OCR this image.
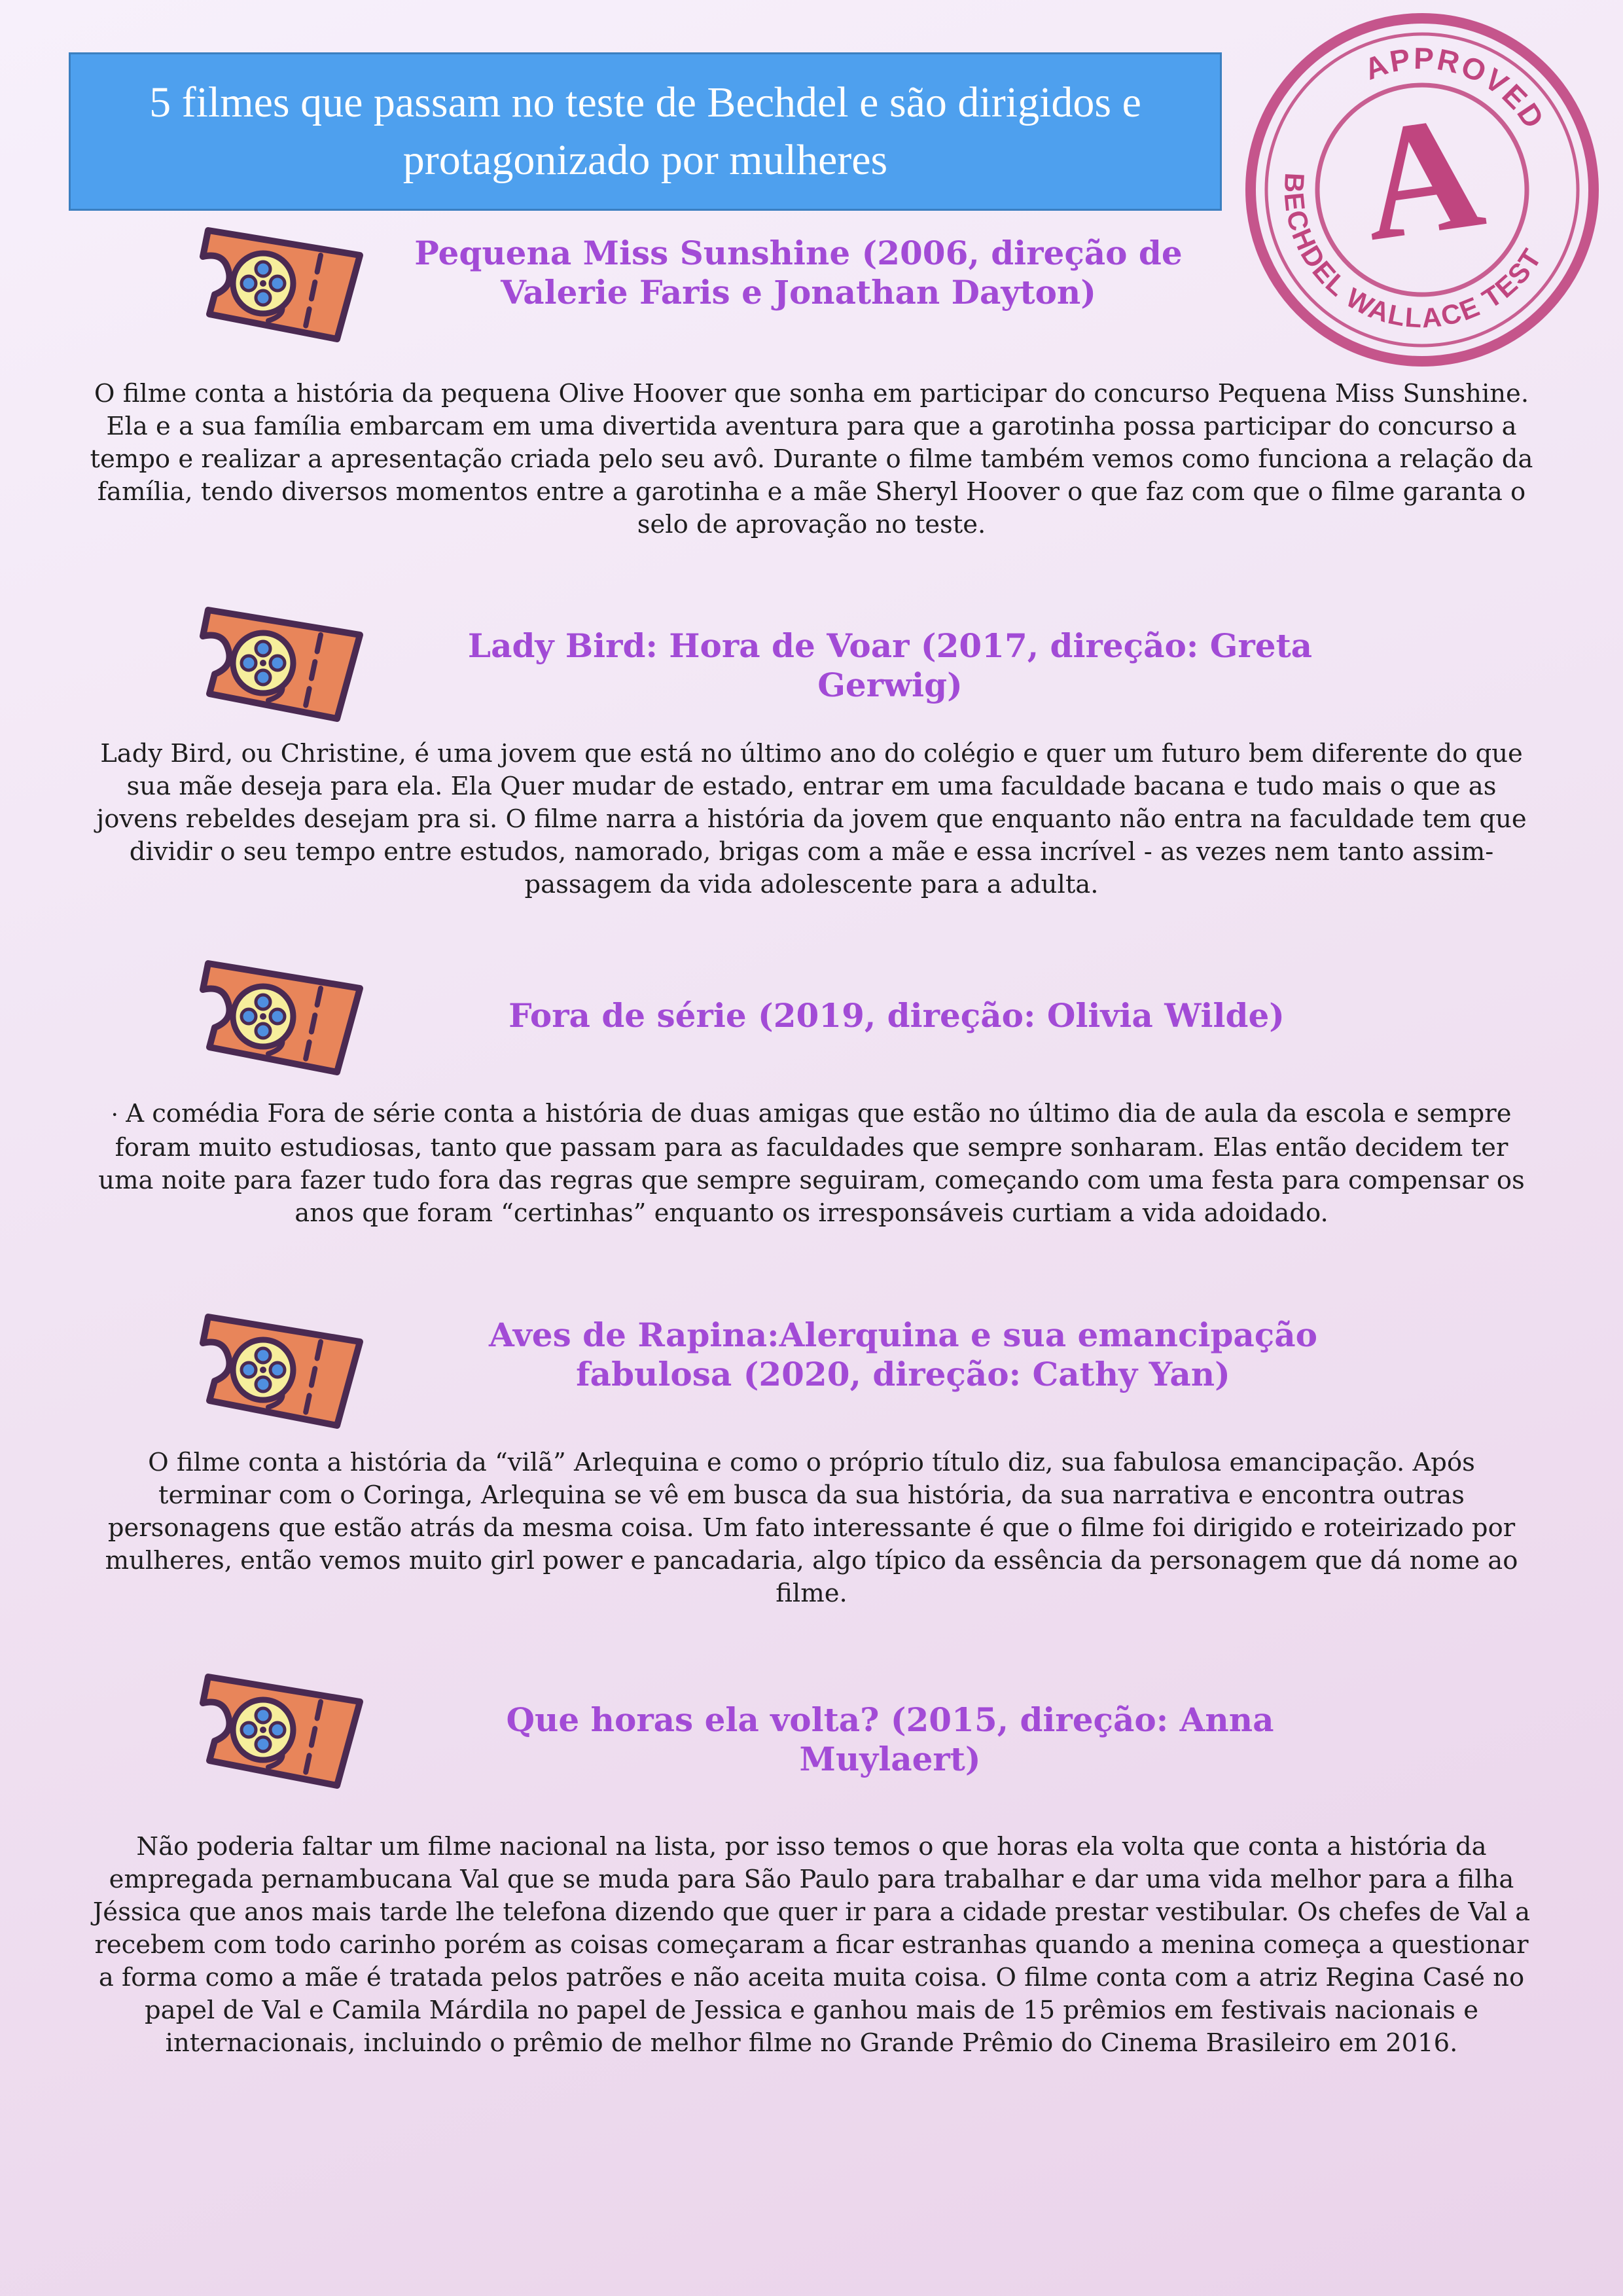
5 filmes que passam no teste de Bechdel e são dirigidos e protagonizado por mulheres
APPROVED
BECHDEL WALLACE TEST
A
Pequena Miss Sunshine (2006, direção de Valerie Faris e Jonathan Dayton)
O filme conta a história da pequena Olive Hoover que sonha em participar do concurso Pequena Miss Sunshine. Ela e a sua família embarcam em uma divertida aventura para que a garotinha possa participar do concurso a tempo e realizar a apresentação criada pelo seu avô. Durante o filme também vemos como funciona a relação da família, tendo diversos momentos entre a garotinha e a mãe Sheryl Hoover o que faz com que o filme garanta o selo de aprovação no teste.
Lady Bird: Hora de Voar (2017, direção: Greta Gerwig)
Lady Bird, ou Christine, é uma jovem que está no último ano do colégio e quer um futuro bem diferente do que sua mãe deseja para ela. Ela Quer mudar de estado, entrar em uma faculdade bacana e tudo mais o que as jovens rebeldes desejam pra si. O filme narra a história da jovem que enquanto não entra na faculdade tem que dividir o seu tempo entre estudos, namorado, brigas com a mãe e essa incrível - as vezes nem tanto assim- passagem da vida adolescente para a adulta.
Fora de série (2019, direção: Olivia Wilde)
• A comédia Fora de série conta a história de duas amigas que estão no último dia de aula da escola e sempre foram muito estudiosas, tanto que passam para as faculdades que sempre sonharam. Elas então decidem ter uma noite para fazer tudo fora das regras que sempre seguiram, começando com uma festa para compensar os anos que foram “certinhas” enquanto os irresponsáveis curtiam a vida adoidado.
Aves de Rapina:Alerquina e sua emancipação fabulosa (2020, direção: Cathy Yan)
O filme conta a história da “vilã” Arlequina e como o próprio título diz, sua fabulosa emancipação. Após terminar com o Coringa, Arlequina se vê em busca da sua história, da sua narrativa e encontra outras personagens que estão atrás da mesma coisa. Um fato interessante é que o filme foi dirigido e roteirizado por mulheres, então vemos muito girl power e pancadaria, algo típico da essência da personagem que dá nome ao filme.
Que horas ela volta? (2015, direção: Anna Muylaert)
Não poderia faltar um filme nacional na lista, por isso temos o que horas ela volta que conta a história da empregada pernambucana Val que se muda para São Paulo para trabalhar e dar uma vida melhor para a filha Jéssica que anos mais tarde lhe telefona dizendo que quer ir para a cidade prestar vestibular. Os chefes de Val a recebem com todo carinho porém as coisas começaram a ficar estranhas quando a menina começa a questionar a forma como a mãe é tratada pelos patrões e não aceita muita coisa. O filme conta com a atriz Regina Casé no papel de Val e Camila Márdila no papel de Jessica e ganhou mais de 15 prêmios em festivais nacionais e internacionais, incluindo o prêmio de melhor filme no Grande Prêmio do Cinema Brasileiro em 2016.
